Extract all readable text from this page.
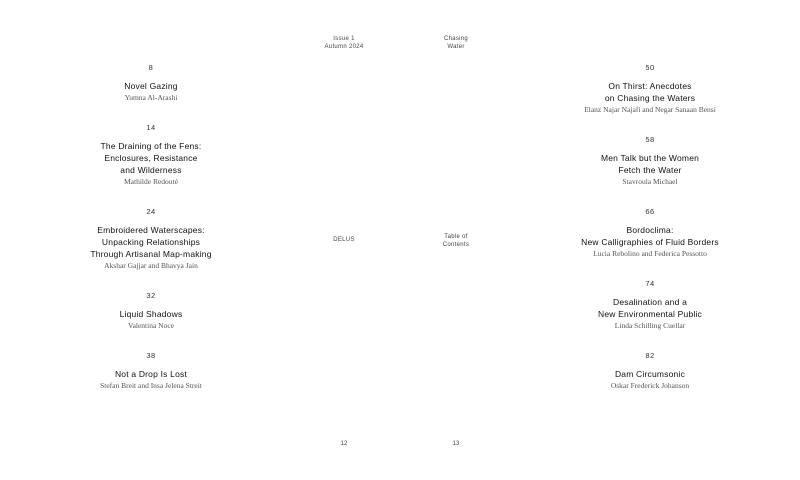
Issue 1
Autumn 2024
Chasing
Water
DELUS	Table of
Contents
8
Novel Gazing
Yumna Al-Arashi
14
The Draining of the Fens:
Enclosures, Resistance
and Wilderness
Mathilde Redouté
24
Embroidered Waterscapes:
Unpacking Relationships
Through Artisanal Map-making
Akshar Gajjar and Bhavya Jain
32
Liquid Shadows
Valentina Noce
38
Not a Drop Is Lost
Stefan Breit and Insa Jelena Streit
50
On Thirst: Anecdotes
on Chasing the Waters
Elanz Najar Najafi and Negar Sanaan Bensi
58
Men Talk but the Women
Fetch the Water
Stavroula Michael
66
Bordoclima:
New Calligraphies of Fluid Borders
Lucia Rebolino and Federica Pessotto
74
Desalination and a
New Environmental Public
Linda Schilling Cuellar
82
Dam Circumsonic
Oskar Frederick Johanson
12	13
